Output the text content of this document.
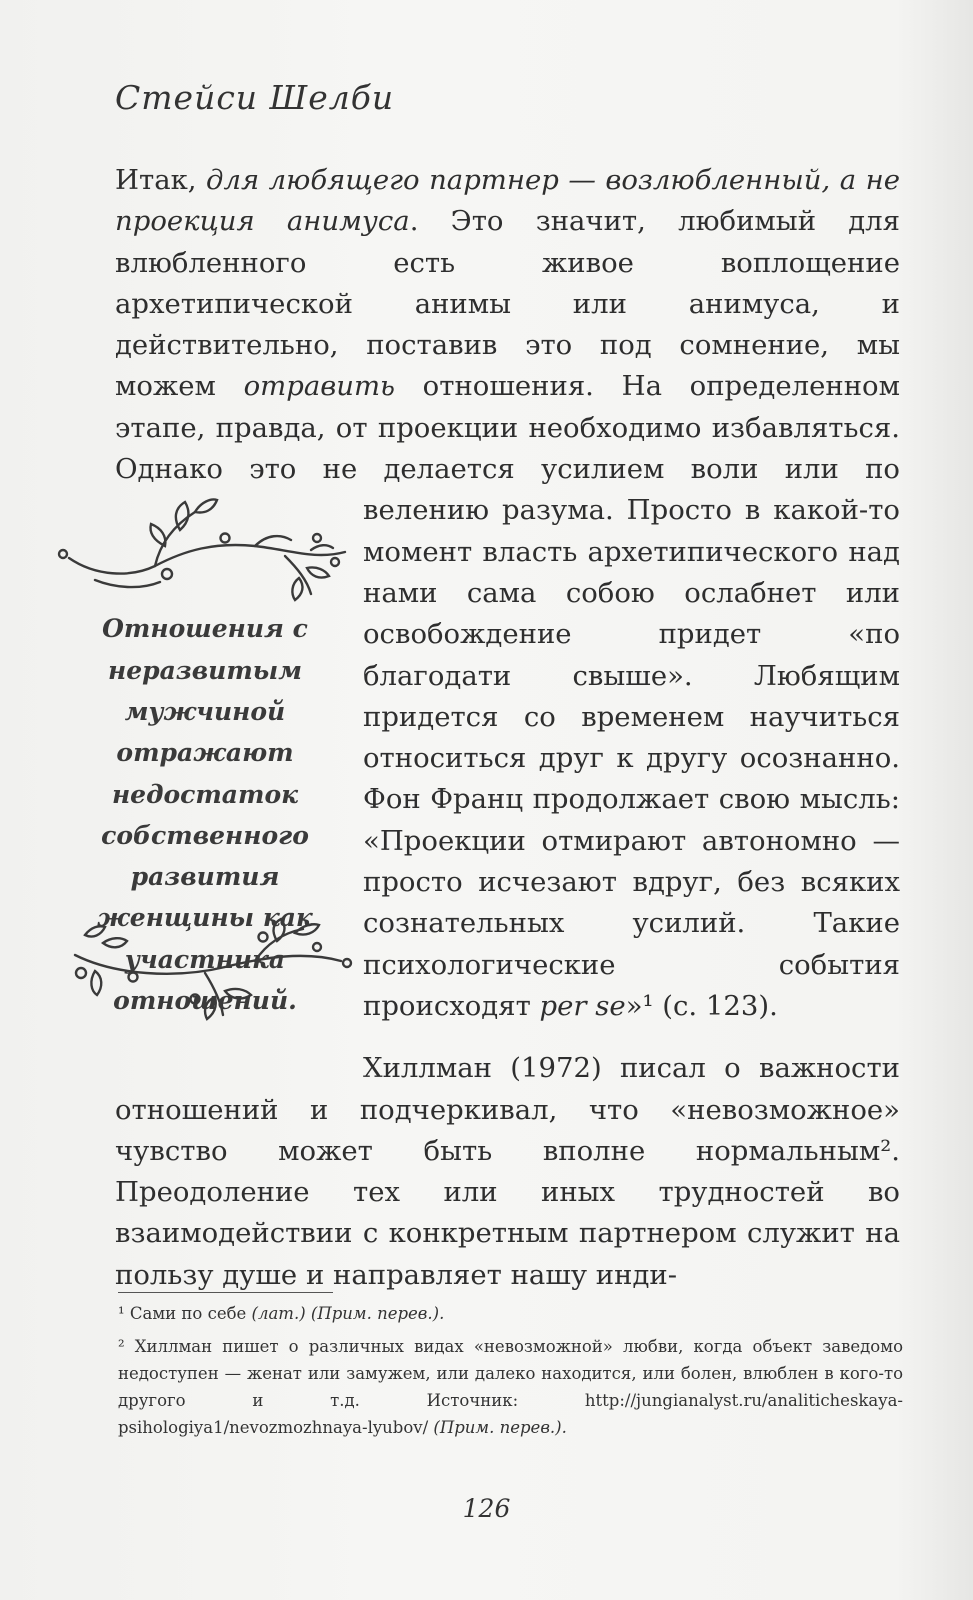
Стейси Шелби

Итак, для любящего партнер — возлюбленный, а не проекция анимуса. Это значит, любимый для влюбленного есть живое воплощение архетипической анимы или анимуса, и действительно, поставив это под сомнение, мы можем отравить отношения. На определенном этапе, правда, от проекции необходимо избавляться. Однако это не делается усилием воли или по

Отношения с неразвитым мужчиной отражают недостаток собственного развития женщины как участника отношений.

велению разума. Просто в какой-то момент власть архетипического над нами сама собою ослабнет или освобождение придет «по благодати свыше». Любящим придется со временем научиться относиться друг к другу осознанно. Фон Франц продолжает свою мысль: «Проекции отмирают автономно — просто исчезают вдруг, без всяких сознательных усилий. Такие психологические события происходят per se»¹ (с. 123).

Хиллман (1972) писал о важности отношений и подчеркивал, что «невозможное» чувство может быть вполне нормальным². Преодоление тех или иных трудностей во взаимодействии с конкретным партнером служит на пользу душе и направляет нашу инди-

¹ Сами по себе (лат.) (Прим. перев.).

² Хиллман пишет о различных видах «невозможной» любви, когда объект заведомо недоступен — женат или замужем, или далеко находится, или болен, влюблен в кого-то другого и т.д. Источник: http://jungianalyst.ru/analiticheskaya-psihologiya1/nevozmozhnaya-lyubov/ (Прим. перев.).

126
